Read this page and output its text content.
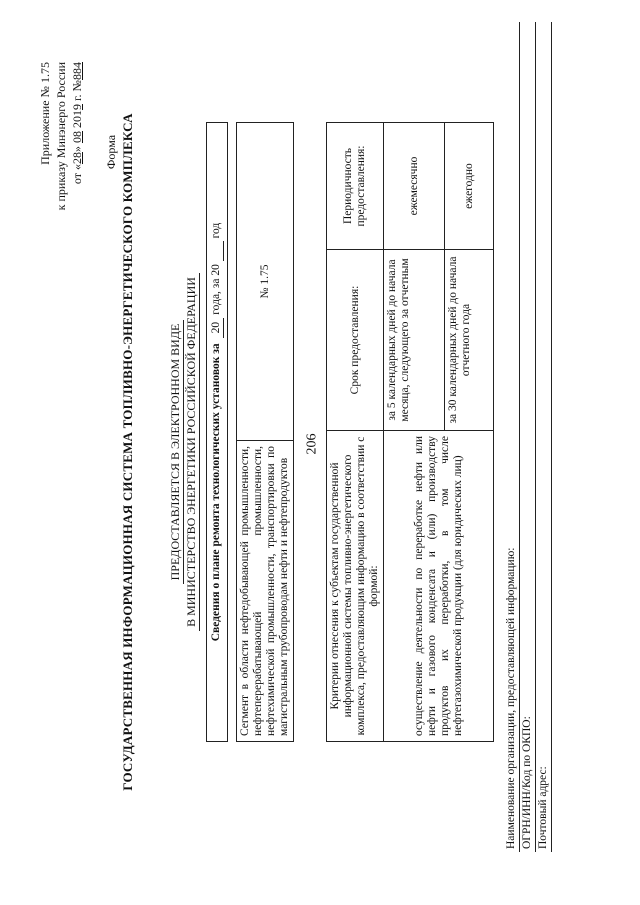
206
Приложение № 1.75 к приказу Минэнерго России от «28» 08 2019 г. №884
Форма ГОСУДАРСТВЕННАЯ ИНФОРМАЦИОННАЯ СИСТЕМА ТОПЛИВНО-ЭНЕРГЕТИЧЕСКОГО КОМПЛЕКСА	ПРЕДОСТАВЛЯЕТСЯ В ЭЛЕКТРОННОМ ВИДЕ В МИНИСТЕРСТВО ЭНЕРГЕТИКИ РОССИЙСКОЙ ФЕДЕРАЦИИ Сведения о плане ремонта технологических установок за  20 года, за 20   год
Сегмент в области нефтедобывающей промышленности, нефтеперерабатывающей промышленности, нефтехимической промышленности, транспортировки по магистральным трубопроводам нефти и нефтепродуктов	№ 1.75
Критерии отнесения к субъектам государственной информационной системы топливно-энергетического комплекса, предоставляющим информацию в соответствии с формой:	Срок предоставления:	Периодичность предоставления:
осуществление деятельности по переработке нефти или нефти и газового конденсата и (или) производству продуктов их переработки, в том числе нефтегазохимической продукции (для юридических лиц)	за 5 календарных дней до начала месяца, следующего за отчетным	ежемесячно
	за 30 календарных дней до начала отчетного года	ежегодно
Наименование организации, предоставляющей информацию:
ОГРН/ИНН/Код по ОКПО:
Почтовый адрес:
